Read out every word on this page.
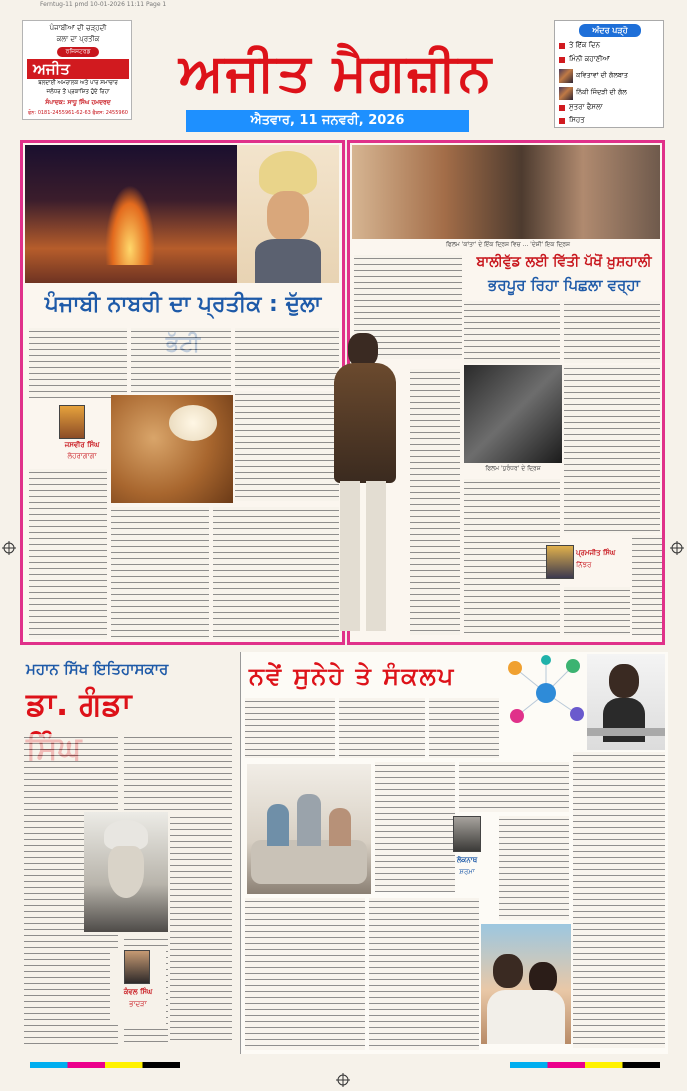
Ferntug-11 pmd 10-01-2026 11:11 Page 1
ਪੰਜਾਬੀਆਂ ਦੀ ਚੜ੍ਹਦੀ
ਕਲਾ ਦਾ ਪ੍ਰਤੀਕ
ਰਜਿਸਟਰਡ
ਅਜੀਤ
ਬਲਦਾਈ ਅਮਰਾਲਕ ਅਤੇ ਪਾਰ ਸਮਾਚਾਰ
ਜਲੰਧਰ ਤੋਂ ਪ੍ਰਕਾਸ਼ਿਤ ਹੁੰਦੇ ਰਿਹਾ
ਸੰਪਾਦਕ: ਸਾਧੂ ਸਿੰਘ ਹਮਦਰਦ
ਫੋਨ: 0181-2455961-62-63 ਫੈਕਸ: 2455960
ਅਜੀਤ ਮੈਗਜ਼ੀਨ
ਐਤਵਾਰ, 11 ਜਨਵਰੀ, 2026
ਅੰਦਰ ਪੜ੍ਹੋ
ਤੇ ਇੱਕ ਦਿਨ
ਮਿੰਨੀ ਕਹਾਣੀਆਂ
ਕਵਿਤਾਵਾਂ ਦੀ ਗੱਲਬਾਤ
ਨਿੱਕੀ ਜਿੰਦੜੀ ਦੀ ਗੱਲ
ਸੁਤਰਾ ਫੈਸਲਾ
ਸਿਹਤ
ਪੰਜਾਬੀ ਨਾਬਰੀ ਦਾ ਪ੍ਰਤੀਕ : ਦੁੱਲਾ
ਜਸਵੀਰ ਸਿੰਘ
ਲੇਹਰਾਗਾਗਾ
ਫਿਲਮ 'ਕਾਂਤਾ' ਦੇ ਇੱਕ ਦ੍ਰਿਸ਼ ਵਿਚ ... 'ਦੇਸ਼ੀ' ਇਕ ਦ੍ਰਿਸ਼
ਬਾਲੀਵੁੱਡ ਲਈ ਵਿੱਤੀ ਪੱਖੋਂ ਖ਼ੁਸ਼ਹਾਲੀ
ਭਰਪੂਰ ਰਿਹਾ ਪਿਛਲਾ ਵਰ੍ਹਾ
ਫਿਲਮ 'ਧੁਰੰਧਰ' ਦੇ ਦ੍ਰਿਸ਼
ਪ੍ਰਮਜੀਤ ਸਿੰਘ
ਨਿੱਝਰ
ਮਹਾਨ ਸਿੱਖ ਇਤਿਹਾਸਕਾਰ
ਡਾ. ਗੰਡਾ
ਕੰਵਲ ਸਿੰਘ
ਭਾਦੜਾ
ਨਵੇਂ ਸੁਨੇਹੇ ਤੇ ਸੰਕਲਪ
ਲੋਕਨਾਥ
ਸ਼ਰਮਾ
